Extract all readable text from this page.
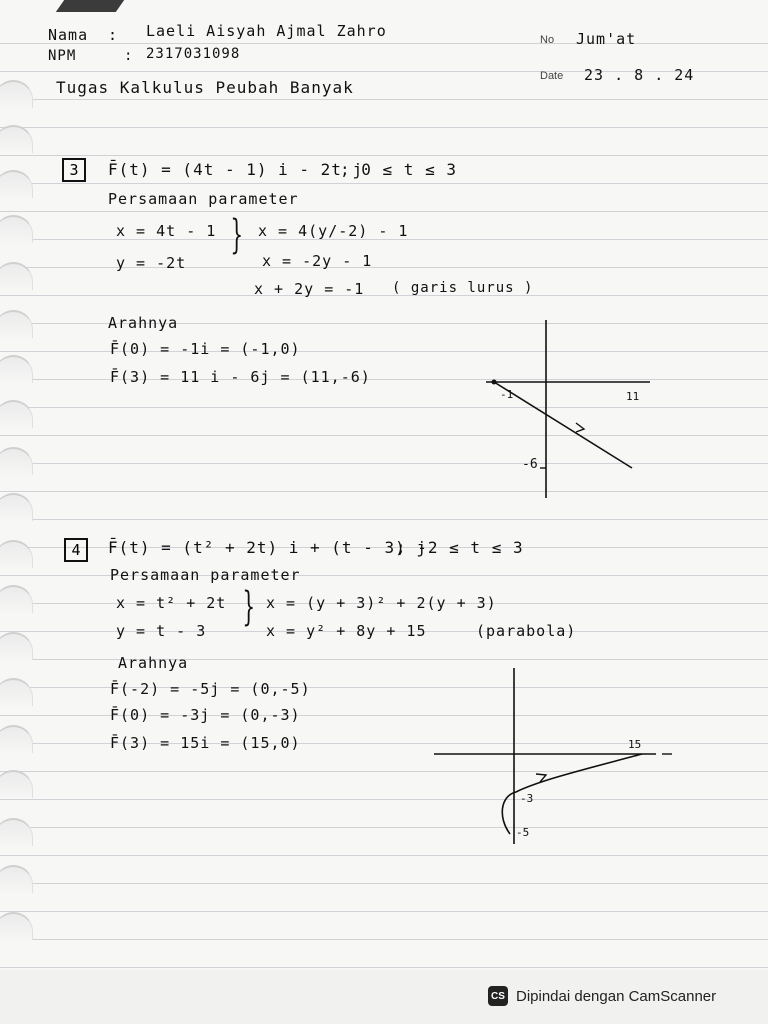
Nama : Laeli Aisyah Ajmal Zahro
NPM	: 2317031098
Tugas Kalkulus Peubah Banyak
No Jum'at
Date 23 . 8 . 24
3	F̄(t) = (4t - 1) i - 2t j
; 0 ≤ t ≤ 3
Persamaan parameter
x = 4t - 1
y = -2t
} x = 4(y/-2) - 1
x = -2y - 1
x + 2y = -1 ( garis lurus )
Arahnya
F̄(0) = -1i = (-1,0)
F̄(3) = 11 i - 6j = (11,-6)
-1	11
-6
4	F̄(t) = (t² + 2t) i + (t - 3) j
; -2 ≤ t ≤ 3
Persamaan parameter
x = t² + 2t
y = t - 3
} x = (y + 3)² + 2(y + 3)
x = y² + 8y + 15	(parabola)
Arahnya
F̄(-2) = -5j = (0,-5)
F̄(0) = -3j = (0,-3)
F̄(3) = 15i = (15,0)	15
-3
-5
CS Dipindai dengan CamScanner
